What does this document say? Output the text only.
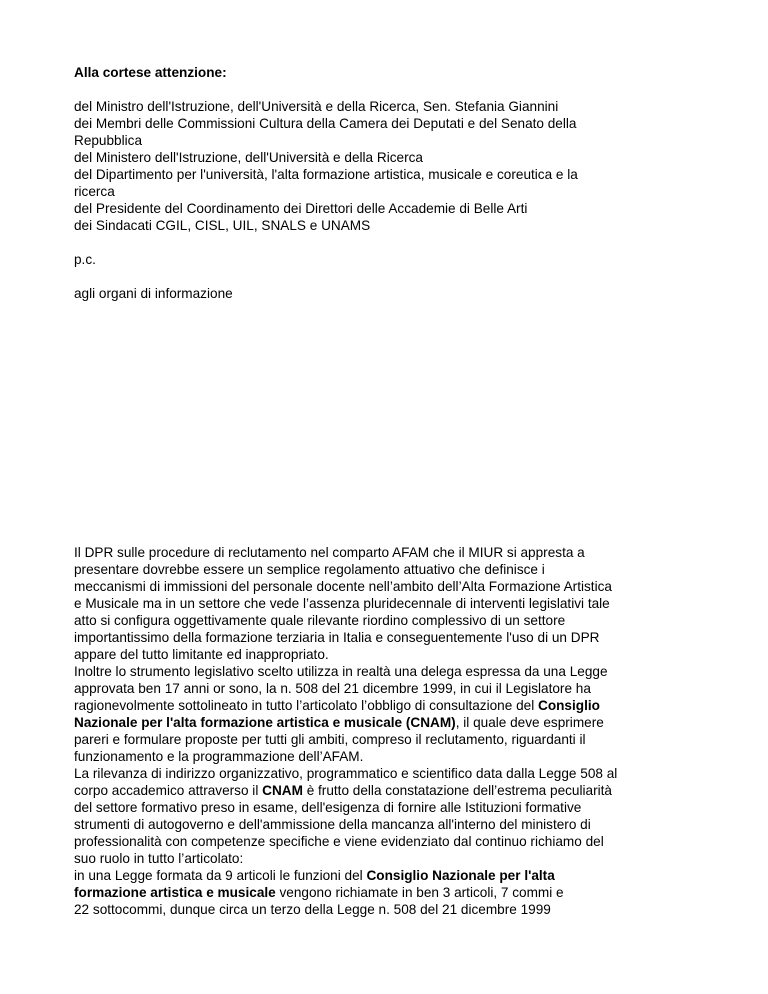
Alla cortese attenzione:
del Ministro dell'Istruzione, dell'Università e della Ricerca, Sen. Stefania Giannini
dei Membri delle Commissioni Cultura della Camera dei Deputati e del Senato della
Repubblica
del Ministero dell'Istruzione, dell'Università e della Ricerca
del Dipartimento per l'università, l'alta formazione artistica, musicale e coreutica e la
ricerca
del Presidente del Coordinamento dei Direttori delle Accademie di Belle Arti
dei Sindacati CGIL, CISL, UIL, SNALS e UNAMS
p.c.
agli organi di informazione
Il DPR sulle procedure di reclutamento nel comparto AFAM che il MIUR si appresta a
presentare dovrebbe essere un semplice regolamento attuativo che definisce i
meccanismi di immissioni del personale docente nell’ambito dell’Alta Formazione Artistica
e Musicale ma in un settore che vede l’assenza pluridecennale di interventi legislativi tale
atto si configura oggettivamente quale rilevante riordino complessivo di un settore
importantissimo della formazione terziaria in Italia e conseguentemente l'uso di un DPR
appare del tutto limitante ed inappropriato.
Inoltre lo strumento legislativo scelto utilizza in realtà una delega espressa da una Legge
approvata ben 17 anni or sono, la n. 508 del 21 dicembre 1999, in cui il Legislatore ha
ragionevolmente sottolineato in tutto l’articolato l’obbligo di consultazione del Consiglio
Nazionale per l'alta formazione artistica e musicale (CNAM), il quale deve esprimere
pareri e formulare proposte per tutti gli ambiti, compreso il reclutamento, riguardanti il
funzionamento e la programmazione dell’AFAM.
La rilevanza di indirizzo organizzativo, programmatico e scientifico data dalla Legge 508 al
corpo accademico attraverso il CNAM è frutto della constatazione dell’estrema peculiarità
del settore formativo preso in esame, dell'esigenza di fornire alle Istituzioni formative
strumenti di autogoverno e dell'ammissione della mancanza all'interno del ministero di
professionalità con competenze specifiche e viene evidenziato dal continuo richiamo del
suo ruolo in tutto l’articolato:
in una Legge formata da 9 articoli le funzioni del Consiglio Nazionale per l'alta
formazione artistica e musicale vengono richiamate in ben 3 articoli, 7 commi e
22 sottocommi, dunque circa un terzo della Legge n. 508 del 21 dicembre 1999
